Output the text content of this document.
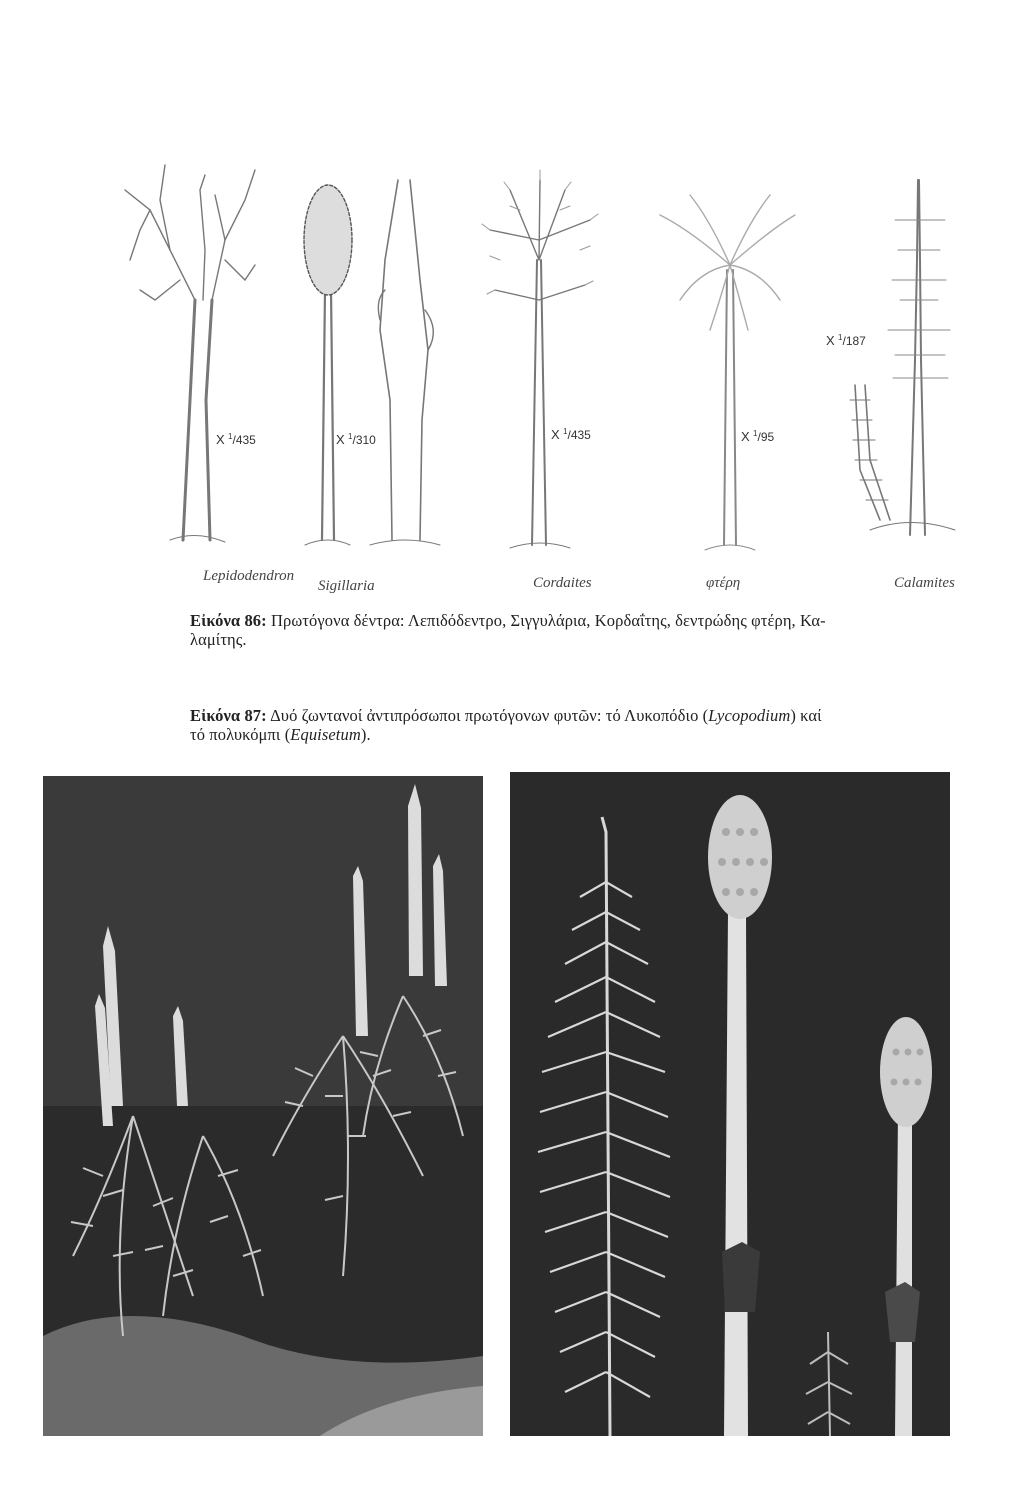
X $^1$/435	X $^1$/310	X $^1$/435	X $^1$/95
X $^1$/187
Lepidodendron
Sigillaria	Cordaites	φτέρη	Calamites
Εἰκόνα 86: Πρωτόγονα δέντρα: Λεπιδόδεντρο, Σιγγυλάρια, Κορδαΐτης, δεντρώδης φτέρη, Κα-
λαμίτης.
Εἰκόνα 87: Δυό ζωντανοί ἀντιπρόσωποι πρωτόγονων φυτῶν: τό Λυκοπόδιο (Lycopodium) καί
τό πολυκόμπι (Equisetum).
